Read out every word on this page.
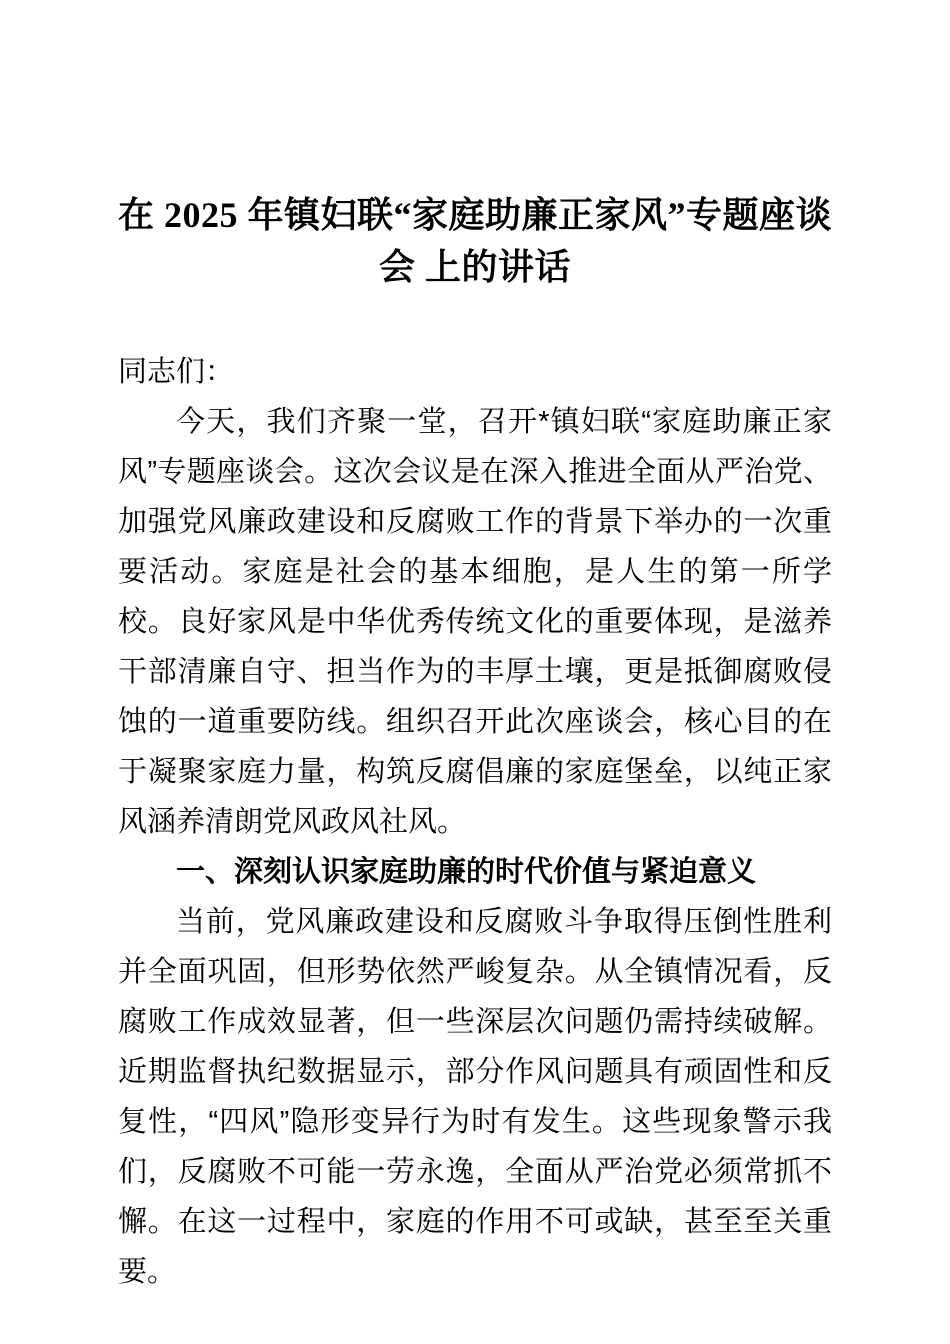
在 2025 年镇妇联“家庭助廉正家风”专题座谈会 上的讲话

同志们：

今天，我们齐聚一堂，召开*镇妇联“家庭助廉正家风”专题座谈会。这次会议是在深入推进全面从严治党、加强党风廉政建设和反腐败工作的背景下举办的一次重要活动。家庭是社会的基本细胞，是人生的第一所学校。良好家风是中华优秀传统文化的重要体现，是滋养干部清廉自守、担当作为的丰厚土壤，更是抵御腐败侵蚀的一道重要防线。组织召开此次座谈会，核心目的在于凝聚家庭力量，构筑反腐倡廉的家庭堡垒，以纯正家风涵养清朗党风政风社风。

一、深刻认识家庭助廉的时代价值与紧迫意义

当前，党风廉政建设和反腐败斗争取得压倒性胜利并全面巩固，但形势依然严峻复杂。从全镇情况看，反腐败工作成效显著，但一些深层次问题仍需持续破解。近期监督执纪数据显示，部分作风问题具有顽固性和反复性，“四风”隐形变异行为时有发生。这些现象警示我们，反腐败不可能一劳永逸，全面从严治党必须常抓不懈。在这一过程中，家庭的作用不可或缺，甚至至关重要。
